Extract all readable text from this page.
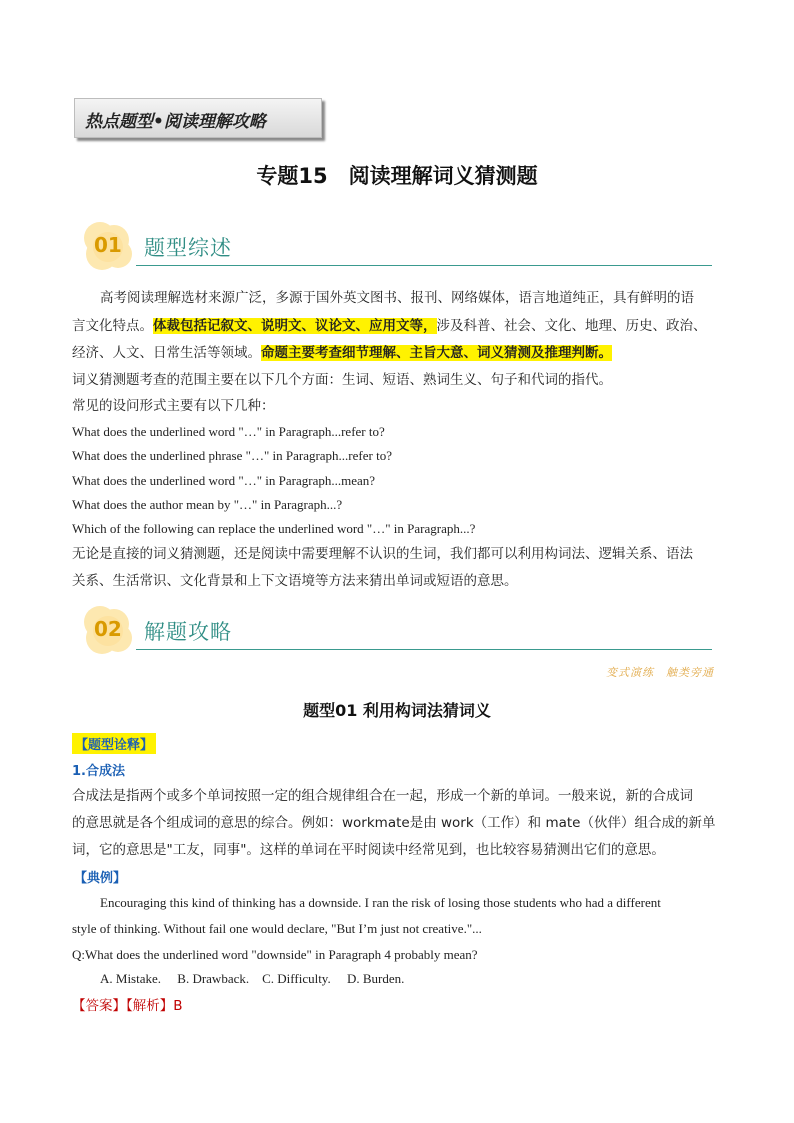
热点题型•阅读理解攻略
专题15　阅读理解词义猜测题
01	题型综述
高考阅读理解选材来源广泛，多源于国外英文图书、报刊、网络媒体，语言地道纯正，具有鲜明的语
言文化特点。体裁包括记叙文、说明文、议论文、应用文等，涉及科普、社会、文化、地理、历史、政治、
经济、人文、日常生活等领域。命题主要考查细节理解、主旨大意、词义猜测及推理判断。
词义猜测题考查的范围主要在以下几个方面：生词、短语、熟词生义、句子和代词的指代。
常见的设问形式主要有以下几种：
What does the underlined word "…" in Paragraph...refer to?
What does the underlined phrase "…" in Paragraph...refer to?
What does the underlined word "…" in Paragraph...mean?
What does the author mean by "…" in Paragraph...?
Which of the following can replace the underlined word "…" in Paragraph...?
无论是直接的词义猜测题，还是阅读中需要理解不认识的生词，我们都可以利用构词法、逻辑关系、语法
关系、生活常识、文化背景和上下文语境等方法来猜出单词或短语的意思。
02	解题攻略
变式演练　触类旁通
题型01 利用构词法猜词义
【题型诠释】
1.合成法
合成法是指两个或多个单词按照一定的组合规律组合在一起，形成一个新的单词。一般来说，新的合成词
的意思就是各个组成词的意思的综合。例如：workmate是由 work（工作）和 mate（伙伴）组合成的新单
词，它的意思是"工友，同事"。这样的单词在平时阅读中经常见到，也比较容易猜测出它们的意思。
【典例】
Encouraging this kind of thinking has a downside. I ran the risk of losing those students who had a different
style of thinking. Without fail one would declare, "But I’m just not creative."...
Q:What does the underlined word "downside" in Paragraph 4 probably mean?
A. Mistake.　 B. Drawback.　C. Difficulty.　 D. Burden.
【答案】【解析】B
